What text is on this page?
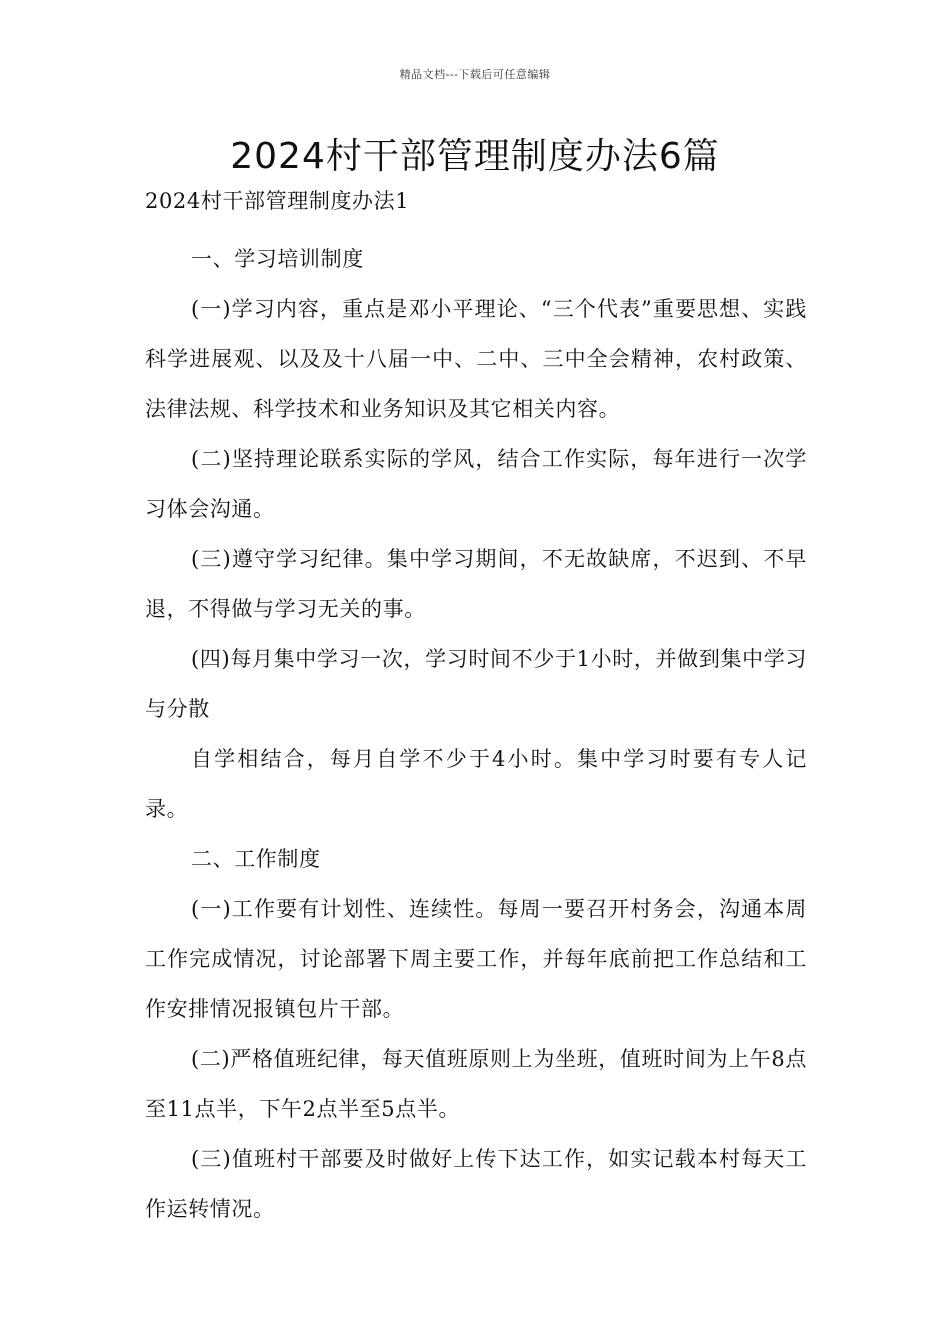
精品文档---下载后可任意编辑
2024村干部管理制度办法6篇

2024村干部管理制度办法1

一、学习培训制度

(一)学习内容，重点是邓小平理论、“三个代表”重要思想、实践科学进展观、以及及十八届一中、二中、三中全会精神，农村政策、法律法规、科学技术和业务知识及其它相关内容。

(二)坚持理论联系实际的学风，结合工作实际，每年进行一次学习体会沟通。

(三)遵守学习纪律。集中学习期间，不无故缺席，不迟到、不早退，不得做与学习无关的事。

(四)每月集中学习一次，学习时间不少于1小时，并做到集中学习与分散

自学相结合，每月自学不少于4小时。集中学习时要有专人记录。

二、工作制度

(一)工作要有计划性、连续性。每周一要召开村务会，沟通本周工作完成情况，讨论部署下周主要工作，并每年底前把工作总结和工作安排情况报镇包片干部。

(二)严格值班纪律，每天值班原则上为坐班，值班时间为上午8点至11点半，下午2点半至5点半。

(三)值班村干部要及时做好上传下达工作，如实记载本村每天工作运转情况。
